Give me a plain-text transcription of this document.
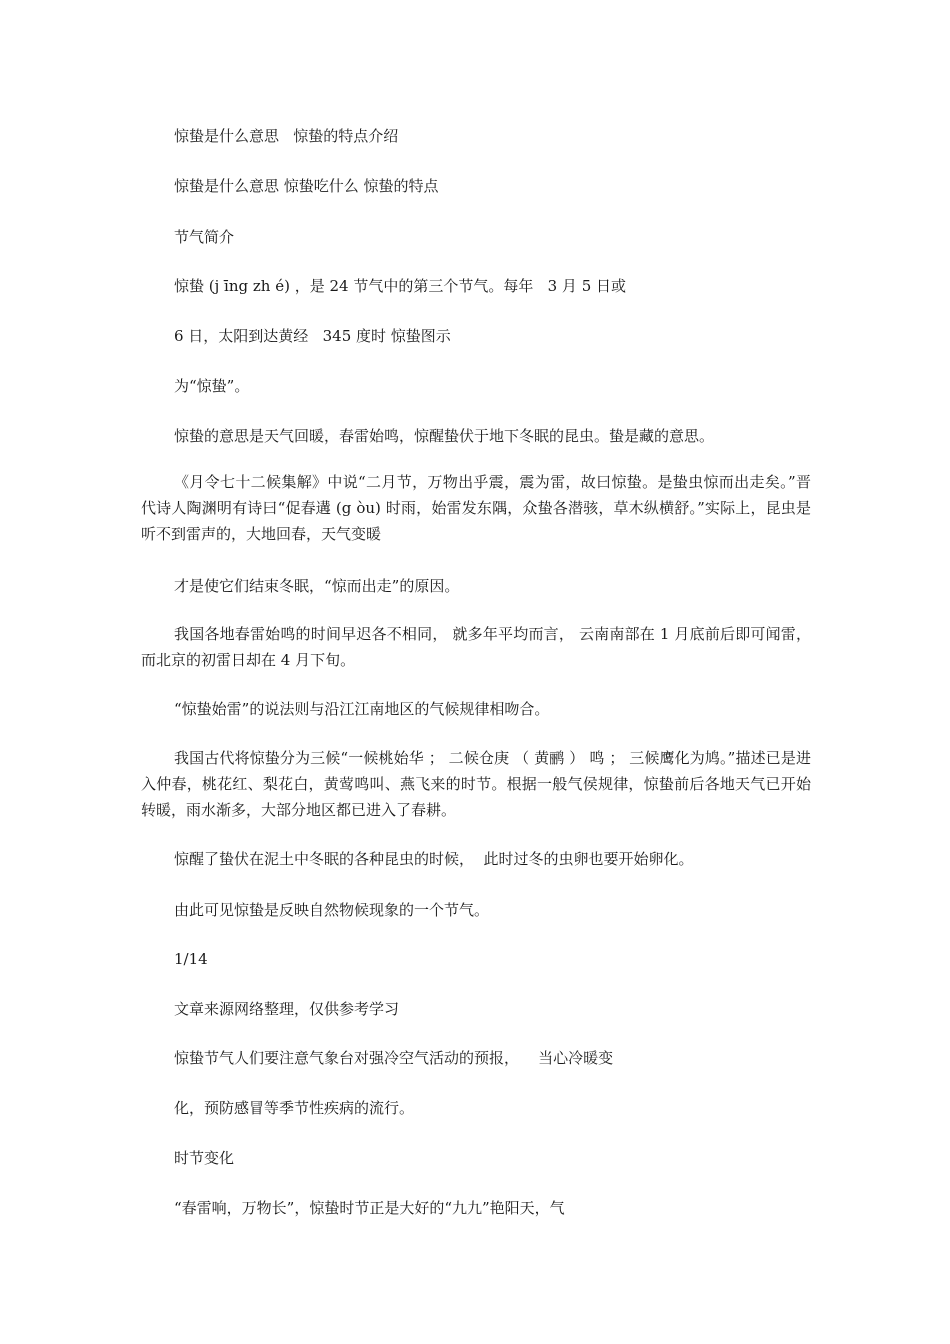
惊蛰是什么意思   惊蛰的特点介绍

惊蛰是什么意思 惊蛰吃什么 惊蛰的特点

节气简介

惊蛰 (j īng zh é) ，是 24 节气中的第三个节气。每年   3 月 5 日或

6 日，太阳到达黄经   345 度时 惊蛰图示

为“惊蛰”。

惊蛰的意思是天气回暖，春雷始鸣，惊醒蛰伏于地下冬眠的昆虫。蛰是藏的意思。

《月令七十二候集解》中说“二月节，万物出乎震，震为雷，故曰惊蛰。是蛰虫惊而出走矣。”晋代诗人陶渊明有诗曰“促春遘 (g òu) 时雨，始雷发东隅，众蛰各潜骇，草木纵横舒。”实际上，昆虫是听不到雷声的，大地回春，天气变暖

才是使它们结束冬眠，“惊而出走”的原因。

我国各地春雷始鸣的时间早迟各不相同， 就多年平均而言， 云南南部在 1 月底前后即可闻雷，而北京的初雷日却在 4 月下旬。

“惊蛰始雷”的说法则与沿江江南地区的气候规律相吻合。

我国古代将惊蛰分为三候“一候桃始华 ； 二候仓庚 （ 黄鹂 ） 鸣 ； 三候鹰化为鸠。”描述已是进入仲春，桃花红、梨花白，黄莺鸣叫、燕飞来的时节。根据一般气侯规律，惊蛰前后各地天气已开始转暖，雨水渐多，大部分地区都已进入了春耕。

惊醒了蛰伏在泥土中冬眠的各种昆虫的时候，  此时过冬的虫卵也要开始卵化。

由此可见惊蛰是反映自然物候现象的一个节气。

1/14

文章来源网络整理，仅供参考学习

惊蛰节气人们要注意气象台对强冷空气活动的预报，    当心冷暖变

化，预防感冒等季节性疾病的流行。

时节变化

“春雷响，万物长”，惊蛰时节正是大好的“九九”艳阳天，气
